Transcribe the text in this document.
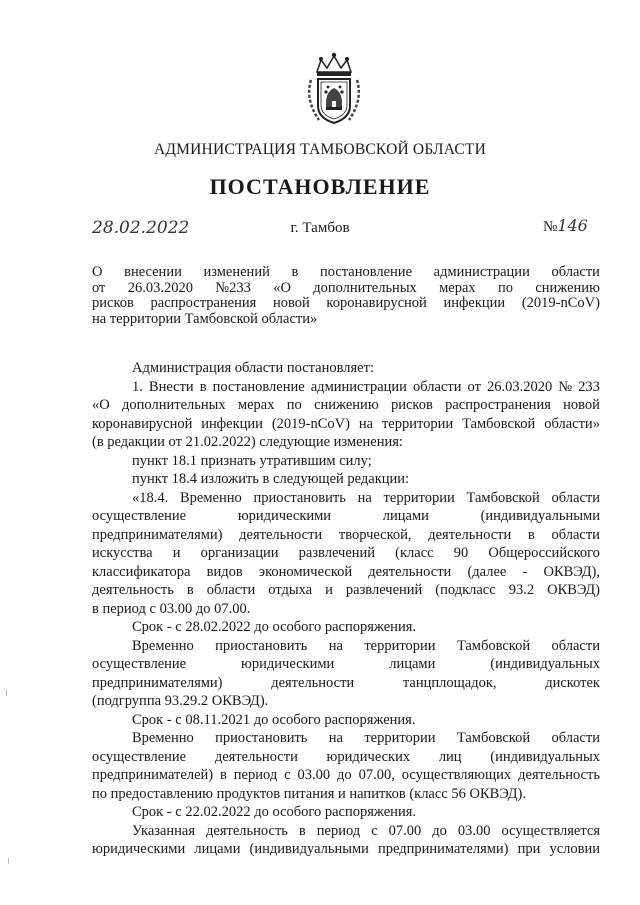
АДМИНИСТРАЦИЯ ТАМБОВСКОЙ ОБЛАСТИ
ПОСТАНОВЛЕНИЕ
28.02.2022	г. Тамбов	№146
О внесении изменений в постановление администрации области
от 26.03.2020 №233 «О дополнительных мерах по снижению
рисков распространения новой коронавирусной инфекции (2019-nCoV)
на территории Тамбовской области»
Администрация области постановляет:
1. Внести в постановление администрации области от 26.03.2020 № 233
«О дополнительных мерах по снижению рисков распространения новой
коронавирусной инфекции (2019-nCoV) на территории Тамбовской области»
(в редакции от 21.02.2022) следующие изменения:
пункт 18.1 признать утратившим силу;
пункт 18.4 изложить в следующей редакции:
«18.4. Временно приостановить на территории Тамбовской области
осуществление	юридическими	лицами	(индивидуальными
предпринимателями) деятельности творческой, деятельности в области
искусства и организации развлечений (класс 90 Общероссийского
классификатора видов экономической деятельности (далее - ОКВЭД),
деятельность в области отдыха и развлечений (подкласс 93.2 ОКВЭД)
в период с 03.00 до 07.00.
Срок - с 28.02.2022 до особого распоряжения.
Временно приостановить на территории Тамбовской области
осуществление	юридическими	лицами	(индивидуальных
предпринимателями)	деятельности	танцплощадок,	дискотек
(подгруппа 93.29.2 ОКВЭД).
Срок - с 08.11.2021 до особого распоряжения.
Временно приостановить на территории Тамбовской области
осуществление деятельности юридических лиц (индивидуальных
предпринимателей) в период с 03.00 до 07.00, осуществляющих деятельность
по предоставлению продуктов питания и напитков (класс 56 ОКВЭД).
Срок - с 22.02.2022 до особого распоряжения.
Указанная деятельность в период с 07.00 до 03.00 осуществляется
юридическими лицами (индивидуальными предпринимателями) при условии
